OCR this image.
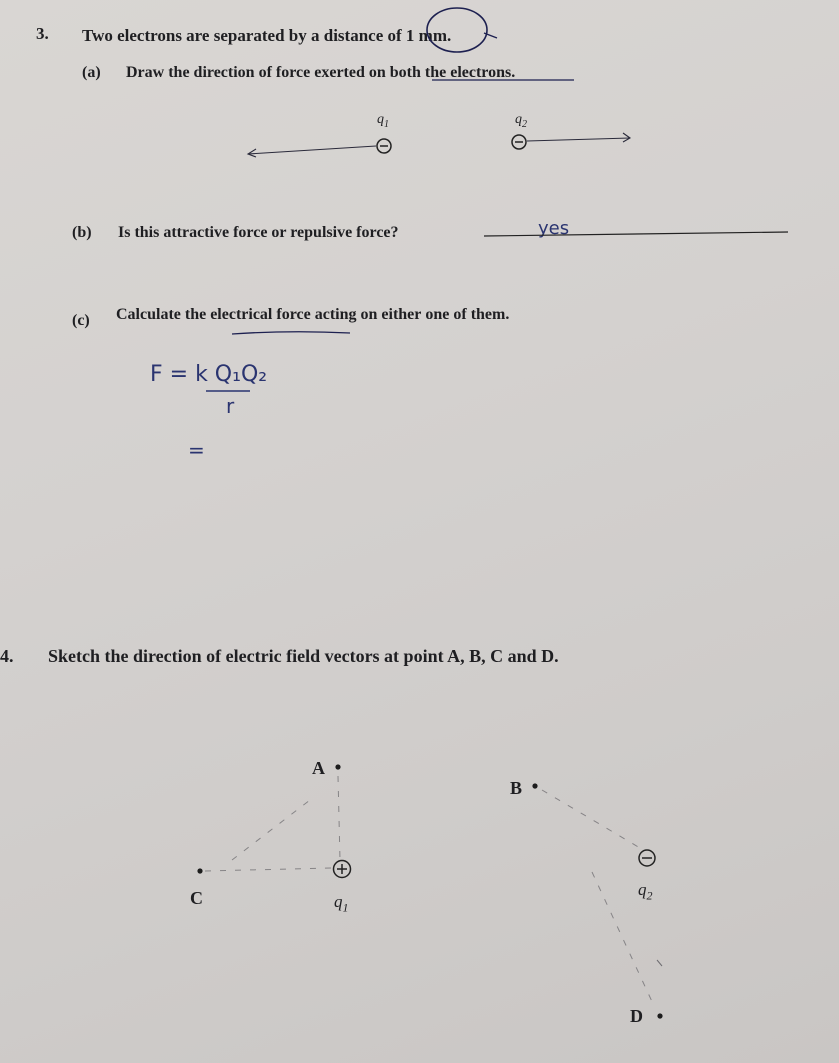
3. Two electrons are separated by a distance of 1 mm.
(a) Draw the direction of force exerted on both the electrons.
$q_1$	$q_2$
(b) Is this attractive force or repulsive force?	yes
(c) Calculate the electrical force acting on either one of them.
F = k Q₁Q₂
r
=
4. Sketch the direction of electric field vectors at point A, B, C and D.
A
B
C
D
$q_1$
$q_2$
